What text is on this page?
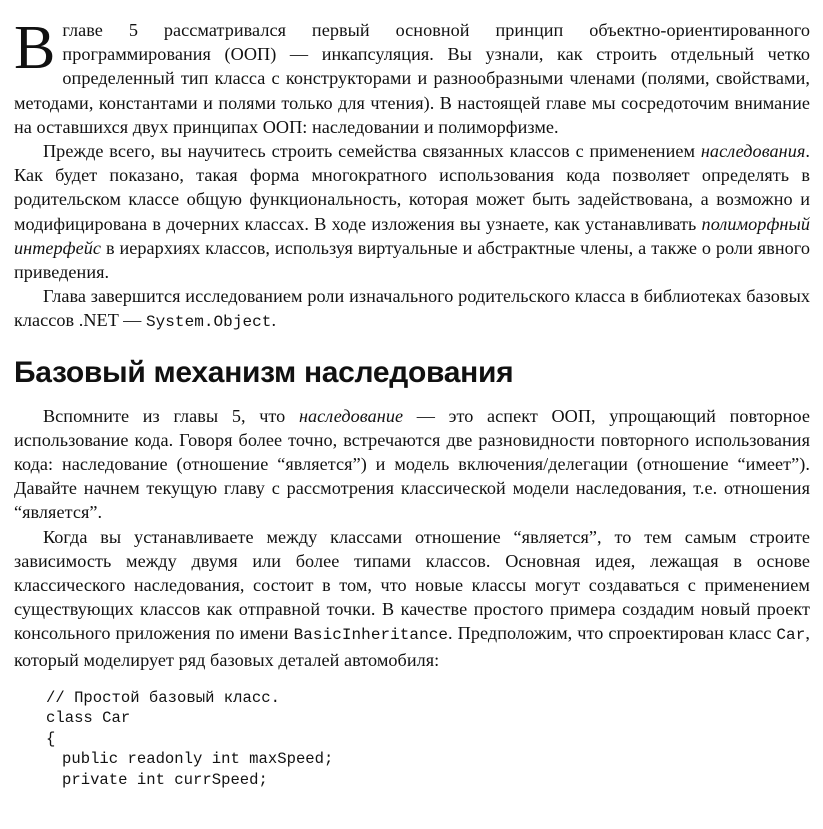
Вглаве 5 рассматривался первый основной принцип объектно-ориентированного программирования (ООП) — инкапсуляция. Вы узнали, как строить отдельный четко определенный тип класса с конструкторами и разнообразными членами (полями, свойствами, методами, константами и полями только для чтения). В настоящей главе мы сосредоточим внимание на оставшихся двух принципах ООП: наследовании и полиморфизме.

Прежде всего, вы научитесь строить семейства связанных классов с применением наследования. Как будет показано, такая форма многократного использования кода позволяет определять в родительском классе общую функциональность, которая может быть задействована, а возможно и модифицирована в дочерних классах. В ходе изложения вы узнаете, как устанавливать полиморфный интерфейс в иерархиях классов, используя виртуальные и абстрактные члены, а также о роли явного приведения.

Глава завершится исследованием роли изначального родительского класса в библиотеках базовых классов .NET — System.Object.

Базовый механизм наследования

Вспомните из главы 5, что наследование — это аспект ООП, упрощающий повторное использование кода. Говоря более точно, встречаются две разновидности повторного использования кода: наследование (отношение “является”) и модель включения/делегации (отношение “имеет”). Давайте начнем текущую главу с рассмотрения классической модели наследования, т.е. отношения “является”.

Когда вы устанавливаете между классами отношение “является”, то тем самым строите зависимость между двумя или более типами классов. Основная идея, лежащая в основе классического наследования, состоит в том, что новые классы могут создаваться с применением существующих классов как отправной точки. В качестве простого примера создадим новый проект консольного приложения по имени BasicInheritance. Предположим, что спроектирован класс Car, который моделирует ряд базовых деталей автомобиля:

// Простой базовый класс.
class Car
{
public readonly int maxSpeed;
private int currSpeed;
